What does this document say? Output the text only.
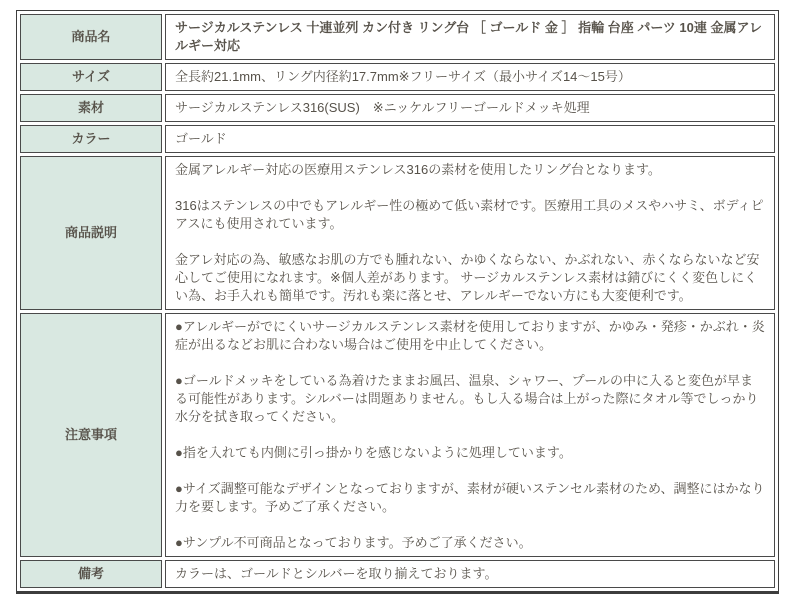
商品名	サージカルステンレス 十連並列 カン付き リング台 ［ ゴールド 金 ］ 指輪 台座 パーツ 10連 金属アレルギー対応

サイズ	全長約21.1mm、リング内径約17.7mm※フリーサイズ（最小サイズ14～15号）

素材	サージカルステンレス316(SUS)　※ニッケルフリーゴールドメッキ処理

カラー	ゴールド

商品説明	金属アレルギー対応の医療用ステンレス316の素材を使用したリング台となります。

316はステンレスの中でもアレルギー性の極めて低い素材です。医療用工具のメスやハサミ、ボディピアスにも使用されています。

金アレ対応の為、敏感なお肌の方でも腫れない、かゆくならない、かぶれない、赤くならないなど安心してご使用になれます。※個人差があります。 サージカルステンレス素材は錆びにくく変色しにくい為、お手入れも簡単です。汚れも楽に落とせ、アレルギーでない方にも大変便利です。

注意事項	●アレルギーがでにくいサージカルステンレス素材を使用しておりますが、かゆみ・発疹・かぶれ・炎症が出るなどお肌に合わない場合はご使用を中止してください。

●ゴールドメッキをしている為着けたままお風呂、温泉、シャワー、プールの中に入ると変色が早まる可能性があります。シルバーは問題ありません。もし入る場合は上がった際にタオル等でしっかり水分を拭き取ってください。

●指を入れても内側に引っ掛かりを感じないように処理しています。

●サイズ調整可能なデザインとなっておりますが、素材が硬いステンセル素材のため、調整にはかなり力を要します。予めご了承ください。

●サンプル不可商品となっております。予めご了承ください。

備考	カラーは、ゴールドとシルバーを取り揃えております。
